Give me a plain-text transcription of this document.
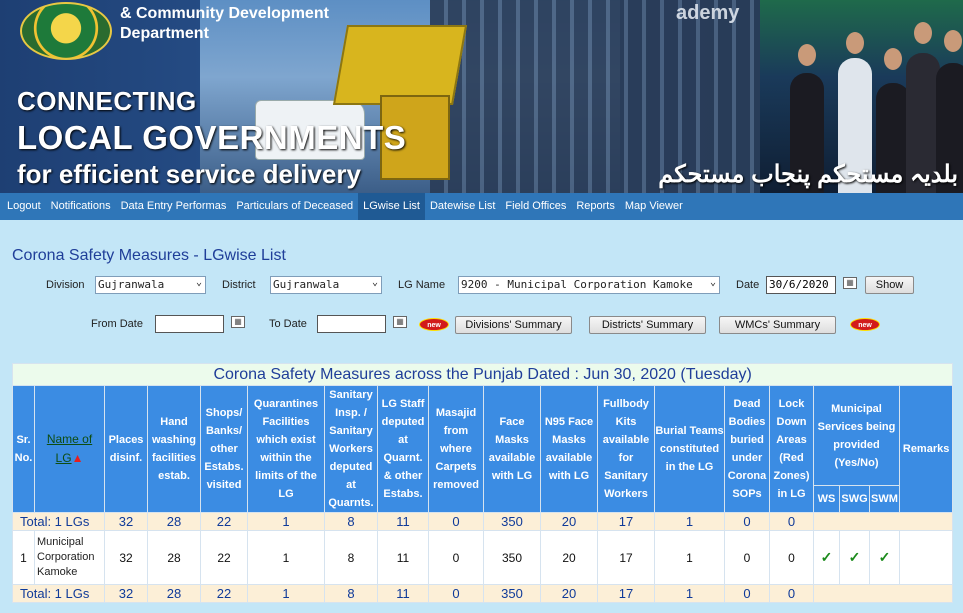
ademy
& Community Development
Department
CONNECTING
LOCAL GOVERNMENTS
for efficient service delivery	بلدیہ مستحکم پنجاب مستحکم
Logout Notifications Data Entry Performas Particulars of Deceased LGwise List Datewise List Field Offices Reports Map Viewer
Corona Safety Measures - LGwise List
Division Gujranwala	⌄ District Gujranwala	⌄ LG Name 9200 - Municipal Corporation Kamoke ⌄ Date 30/6/2020	▦	Show
From Date	▦ To Date	▦	new	Divisions' Summary	Districts' Summary	WMCs' Summary	new
Corona Safety Measures across the Punjab Dated : Jun 30, 2020 (Tuesday)																		
Sr. No.	Name of LG▲	Places disinf.	Hand washing facilities estab.	Shops/ Banks/ other Estabs. visited	Quarantines Facilities which exist within the limits of the LG	Sanitary Insp. / Sanitary Workers deputed at Quarnts.	LG Staff deputed at Quarnt. & other Estabs.	Masajid from where Carpets removed	Face Masks available with LG	N95 Face Masks available with LG	Fullbody Kits available for Sanitary Workers	Burial Teams constituted in the LG	Dead Bodies buried under Corona SOPs	Lock Down Areas (Red Zones) in LG	Municipal Services being provided (Yes/No)			Remarks
															WS	SWG	SWM	
Total: 1 LGs		32	28	22	1	8	11	0	350	20	17	1	0	0				
1	Municipal Corporation Kamoke	32	28	22	1	8	11	0	350	20	17	1	0	0	✓	✓	✓	
Total: 1 LGs		32	28	22	1	8	11	0	350	20	17	1	0	0				
